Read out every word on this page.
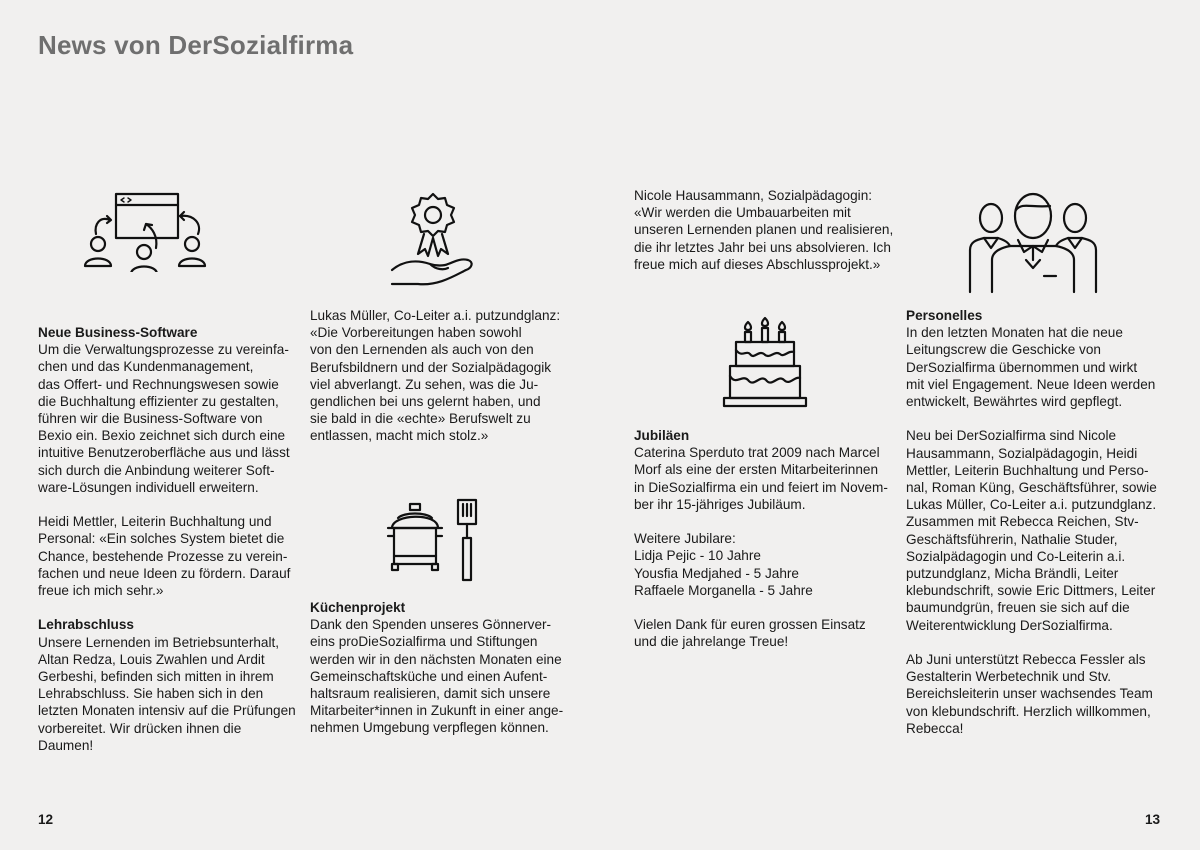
News von DerSozialfirma
Neue Business-Software

Um die Verwaltungsprozesse zu vereinfa-
chen und das Kundenmanagement,
das Offert- und Rechnungswesen sowie
die Buchhaltung effizienter zu gestalten,
führen wir die Business-Software von
Bexio ein. Bexio zeichnet sich durch eine
intuitive Benutzeroberfläche aus und lässt
sich durch die Anbindung weiterer Soft-
ware-Lösungen individuell erweitern.

Heidi Mettler, Leiterin Buchhaltung und
Personal: «Ein solches System bietet die
Chance, bestehende Prozesse zu verein-
fachen und neue Ideen zu fördern. Darauf
freue ich mich sehr.»

Lehrabschluss

Unsere Lernenden im Betriebsunterhalt,
Altan Redza, Louis Zwahlen und Ardit
Gerbeshi, befinden sich mitten in ihrem
Lehrabschluss. Sie haben sich in den
letzten Monaten intensiv auf die Prüfungen
vorbereitet. Wir drücken ihnen die Daumen!

Lukas Müller, Co-Leiter a.i. putzundglanz:
«Die Vorbereitungen haben sowohl
von den Lernenden als auch von den
Berufsbildnern und der Sozialpädagogik
viel abverlangt. Zu sehen, was die Ju-
gendlichen bei uns gelernt haben, und
sie bald in die «echte» Berufswelt zu
entlassen, macht mich stolz.»

Küchenprojekt

Dank den Spenden unseres Gönnerver-
eins proDieSozialfirma und Stiftungen
werden wir in den nächsten Monaten eine
Gemeinschaftsküche und einen Aufent-
haltsraum realisieren, damit sich unsere
Mitarbeiter*innen in Zukunft in einer ange-
nehmen Umgebung verpflegen können.

Nicole Hausammann, Sozialpädagogin:
«Wir werden die Umbauarbeiten mit
unseren Lernenden planen und realisieren,
die ihr letztes Jahr bei uns absolvieren. Ich
freue mich auf dieses Abschlussprojekt.»

Jubiläen

Caterina Sperduto trat 2009 nach Marcel
Morf als eine der ersten Mitarbeiterinnen
in DieSozialfirma ein und feiert im Novem-
ber ihr 15-jähriges Jubiläum.

Weitere Jubilare:

Lidja Pejic - 10 Jahre

Yousfia Medjahed - 5 Jahre

Raffaele Morganella - 5 Jahre

Vielen Dank für euren grossen Einsatz
und die jahrelange Treue!

Personelles

In den letzten Monaten hat die neue
Leitungscrew die Geschicke von
DerSozialfirma übernommen und wirkt
mit viel Engagement. Neue Ideen werden
entwickelt, Bewährtes wird gepflegt.

Neu bei DerSozialfirma sind Nicole
Hausammann, Sozialpädagogin, Heidi
Mettler, Leiterin Buchhaltung und Perso-
nal, Roman Küng, Geschäftsführer, sowie
Lukas Müller, Co-Leiter a.i. putzundglanz.
Zusammen mit Rebecca Reichen, Stv-
Geschäftsführerin, Nathalie Studer,
Sozialpädagogin und Co-Leiterin a.i.
putzundglanz, Micha Brändli, Leiter
klebundschrift, sowie Eric Dittmers, Leiter
baumundgrün, freuen sie sich auf die
Weiterentwicklung DerSozialfirma.

Ab Juni unterstützt Rebecca Fessler als
Gestalterin Werbetechnik und Stv.
Bereichsleiterin unser wachsendes Team
von klebundschrift. Herzlich willkommen,
Rebecca!

12	13
